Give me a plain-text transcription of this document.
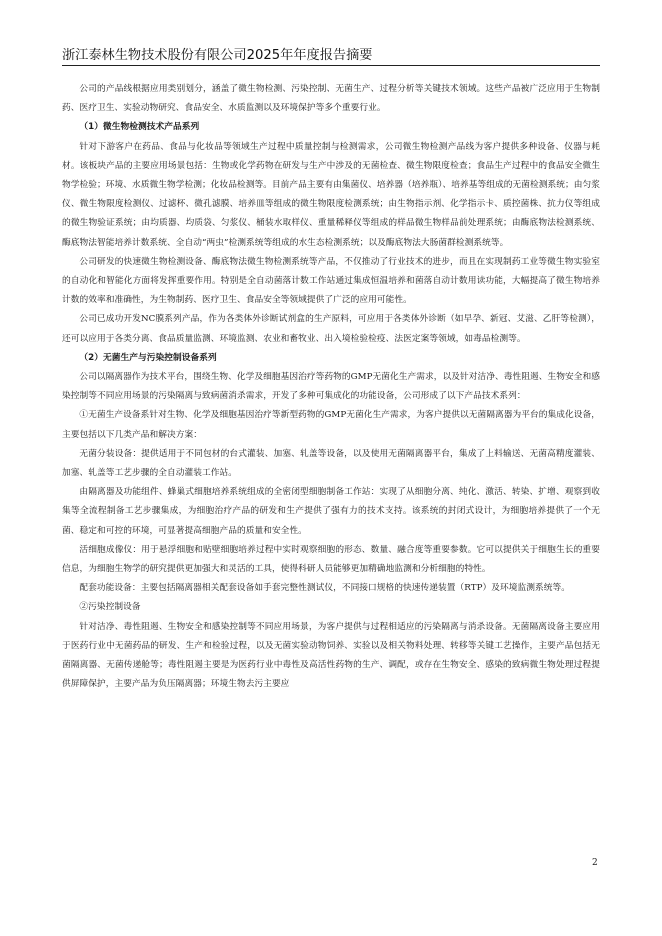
浙江泰林生物技术股份有限公司2025年年度报告摘要

公司的产品线根据应用类别划分，涵盖了微生物检测、污染控制、无菌生产、过程分析等关键技术领域。这些产品被广泛应用于生物制药、医疗卫生、实验动物研究、食品安全、水质监测以及环境保护等多个重要行业。

（1）微生物检测技术产品系列

针对下游客户在药品、食品与化妆品等领域生产过程中质量控制与检测需求，公司微生物检测产品线为客户提供多种设备、仪器与耗材。该板块产品的主要应用场景包括：生物或化学药物在研发与生产中涉及的无菌检查、微生物限度检查；食品生产过程中的食品安全微生物学检验；环境、水质微生物学检测；化妆品检测等。目前产品主要有由集菌仪、培养器（培养瓶）、培养基等组成的无菌检测系统；由匀浆仪、微生物限度检测仪、过滤杯、微孔滤膜、培养皿等组成的微生物限度检测系统；由生物指示剂、化学指示卡、质控菌株、抗力仪等组成的微生物验证系统；由均质器、均质袋、匀浆仪、桶装水取样仪、重量稀释仪等组成的样品微生物样品前处理系统；由酶底物法检测系统、酶底物法智能培养计数系统、全自动“两虫”检测系统等组成的水生态检测系统；以及酶底物法大肠菌群检测系统等。

公司研发的快速微生物检测设备、酶底物法微生物检测系统等产品，不仅推动了行业技术的进步，而且在实现制药工业等微生物实验室的自动化和智能化方面将发挥重要作用。特别是全自动菌落计数工作站通过集成恒温培养和菌落自动计数用读功能，大幅提高了微生物培养计数的效率和准确性，为生物制药、医疗卫生、食品安全等领域提供了广泛的应用可能性。

公司已成功开发NC膜系列产品，作为各类体外诊断试剂盒的生产原料，可应用于各类体外诊断（如早孕、新冠、艾滋、乙肝等检测），还可以应用于各类分离、食品质量监测、环境监测、农业和畜牧业、出入境检验检疫、法医定案等领域，如毒品检测等。

（2）无菌生产与污染控制设备系列

公司以隔离器作为技术平台，围绕生物、化学及细胞基因治疗等药物的GMP无菌化生产需求，以及针对洁净、毒性阻遏、生物安全和感染控制等不同应用场景的污染隔离与致病菌消杀需求，开发了多种可集成化的功能设备，公司形成了以下产品技术系列：

①无菌生产设备系针对生物、化学及细胞基因治疗等新型药物的GMP无菌化生产需求，为客户提供以无菌隔离器为平台的集成化设备，主要包括以下几类产品和解决方案：

无菌分装设备：提供适用于不同包材的台式灌装、加塞、轧盖等设备，以及使用无菌隔离器平台，集成了上料输送、无菌高精度灌装、加塞、轧盖等工艺步骤的全自动灌装工作站。

由隔离器及功能组件、蜂巢式细胞培养系统组成的全密闭型细胞制备工作站：实现了从细胞分离、纯化、激活、转染、扩增、观察到收集等全流程制备工艺步骤集成，为细胞治疗产品的研发和生产提供了强有力的技术支持。该系统的封闭式设计，为细胞培养提供了一个无菌、稳定和可控的环境，可显著提高细胞产品的质量和安全性。

活细胞成像仪：用于悬浮细胞和贴壁细胞培养过程中实时观察细胞的形态、数量、融合度等重要参数。它可以提供关于细胞生长的重要信息，为细胞生物学的研究提供更加强大和灵活的工具，使得科研人员能够更加精确地监测和分析细胞的特性。

配套功能设备：主要包括隔离器相关配套设备如手套完整性测试仪，不同接口规格的快速传递装置（RTP）及环境监测系统等。

②污染控制设备

针对洁净、毒性阻遏、生物安全和感染控制等不同应用场景，为客户提供与过程相适应的污染隔离与消杀设备。无菌隔离设备主要应用于医药行业中无菌药品的研发、生产和检验过程，以及无菌实验动物饲养、实验以及相关物料处理、转移等关键工艺操作，主要产品包括无菌隔离器、无菌传递舱等；毒性阻遏主要是为医药行业中毒性及高活性药物的生产、调配，或存在生物安全、感染的致病微生物处理过程提供屏障保护，主要产品为负压隔离器；环境生物去污主要应

2
